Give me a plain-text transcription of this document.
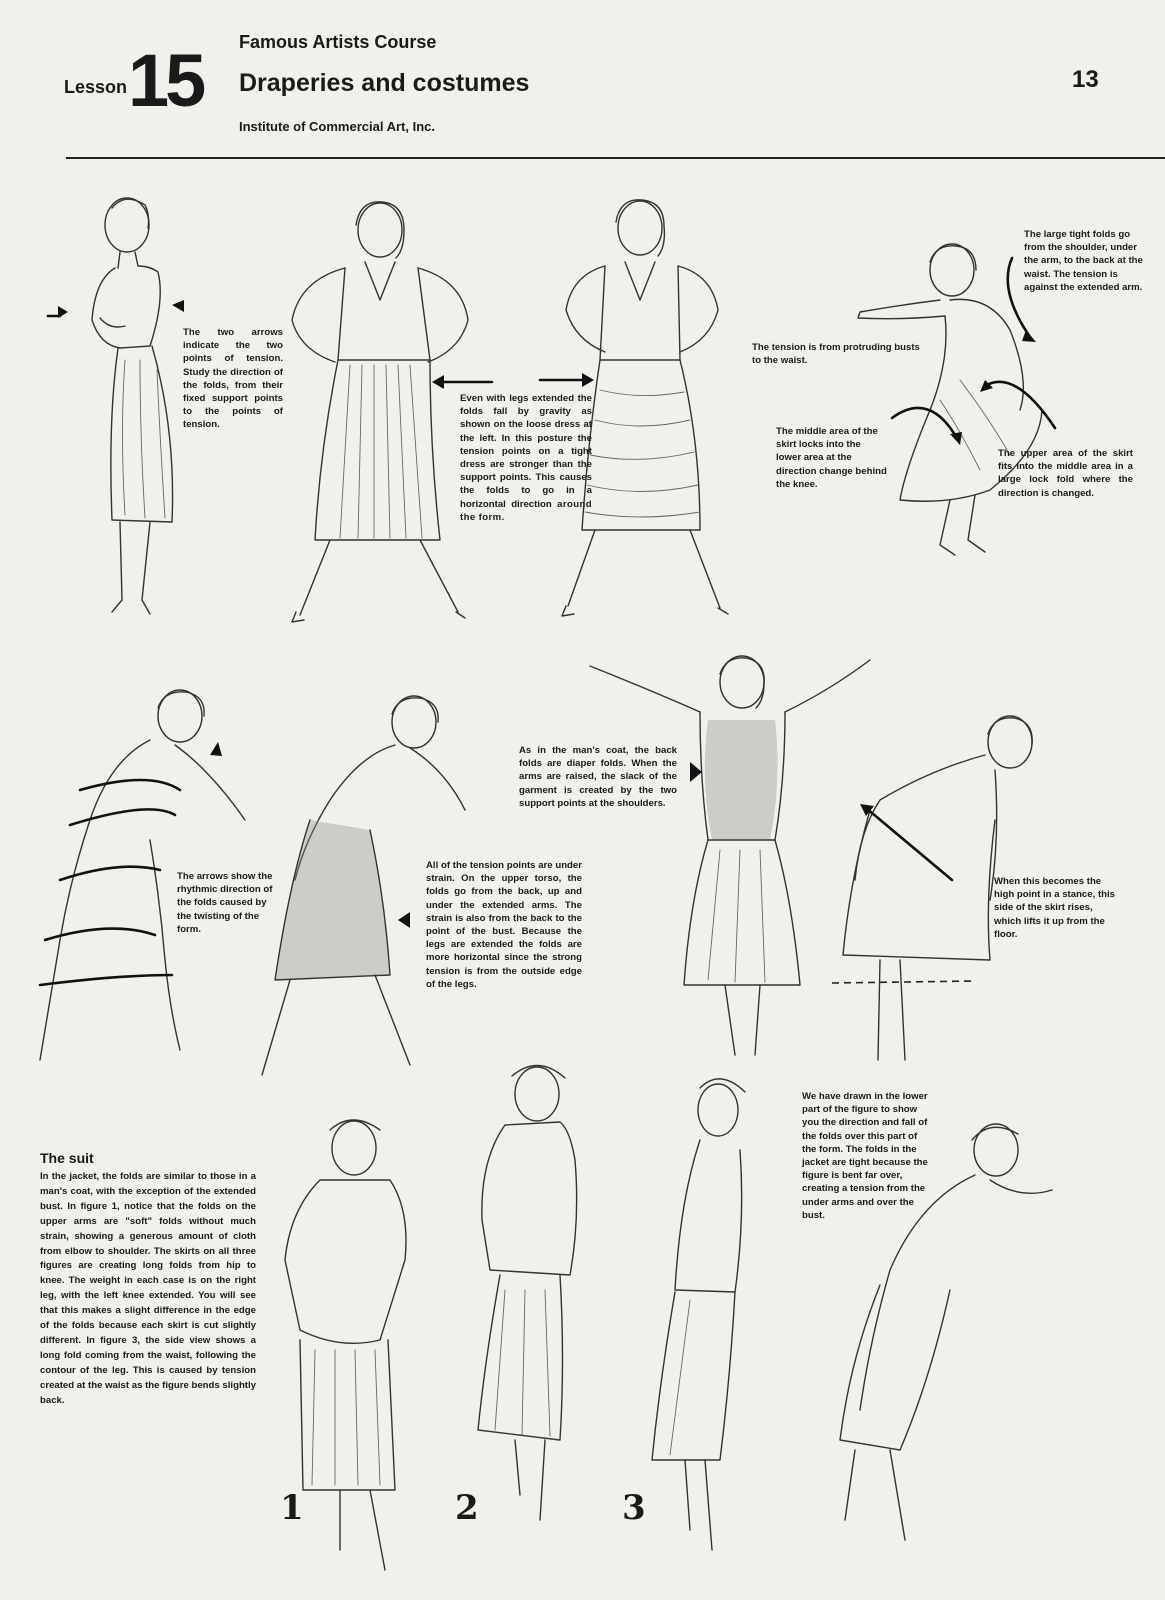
Famous Artists Course
Lesson 15 Draperies and costumes
Institute of Commercial Art, Inc.
13

The two arrows indicate the two points of tension. Study the direction of the folds, from their fixed support points to the points of tension.

Even with legs extended the folds fall by gravity as shown on the loose dress at the left. In this posture the tension points on a tight dress are stronger than the support points. This causes the folds to go in a horizontal direction around the form.

The tension is from protruding busts to the waist.

The large tight folds go from the shoulder, under the arm, to the back at the waist. The tension is against the extended arm.

The middle area of the skirt locks into the lower area at the direction change behind the knee.

The upper area of the skirt fits into the middle area in a large lock fold where the direction is changed.

The arrows show the rhythmic direction of the folds caused by the twisting of the form.

All of the tension points are under strain. On the upper torso, the folds go from the back, up and under the extended arms. The strain is also from the back to the point of the bust. Because the legs are extended the folds are more horizontal since the strong tension is from the outside edge of the legs.

As in the man's coat, the back folds are diaper folds. When the arms are raised, the slack of the garment is created by the two support points at the shoulders.

When this becomes the high point in a stance, this side of the skirt rises, which lifts it up from the floor.

We have drawn in the lower part of the figure to show you the direction and fall of the folds over this part of the form. The folds in the jacket are tight because the figure is bent far over, creating a tension from the under arms and over the bust.

The suit

In the jacket, the folds are similar to those in a man's coat, with the exception of the extended bust. In figure 1, notice that the folds on the upper arms are "soft" folds without much strain, showing a generous amount of cloth from elbow to shoulder. The skirts on all three figures are creating long folds from hip to knee. The weight in each case is on the right leg, with the left knee extended. You will see that this makes a slight difference in the edge of the folds because each skirt is cut slightly different. In figure 3, the side view shows a long fold coming from the waist, following the contour of the leg. This is caused by tension created at the waist as the figure bends slightly back.

1	2	3
